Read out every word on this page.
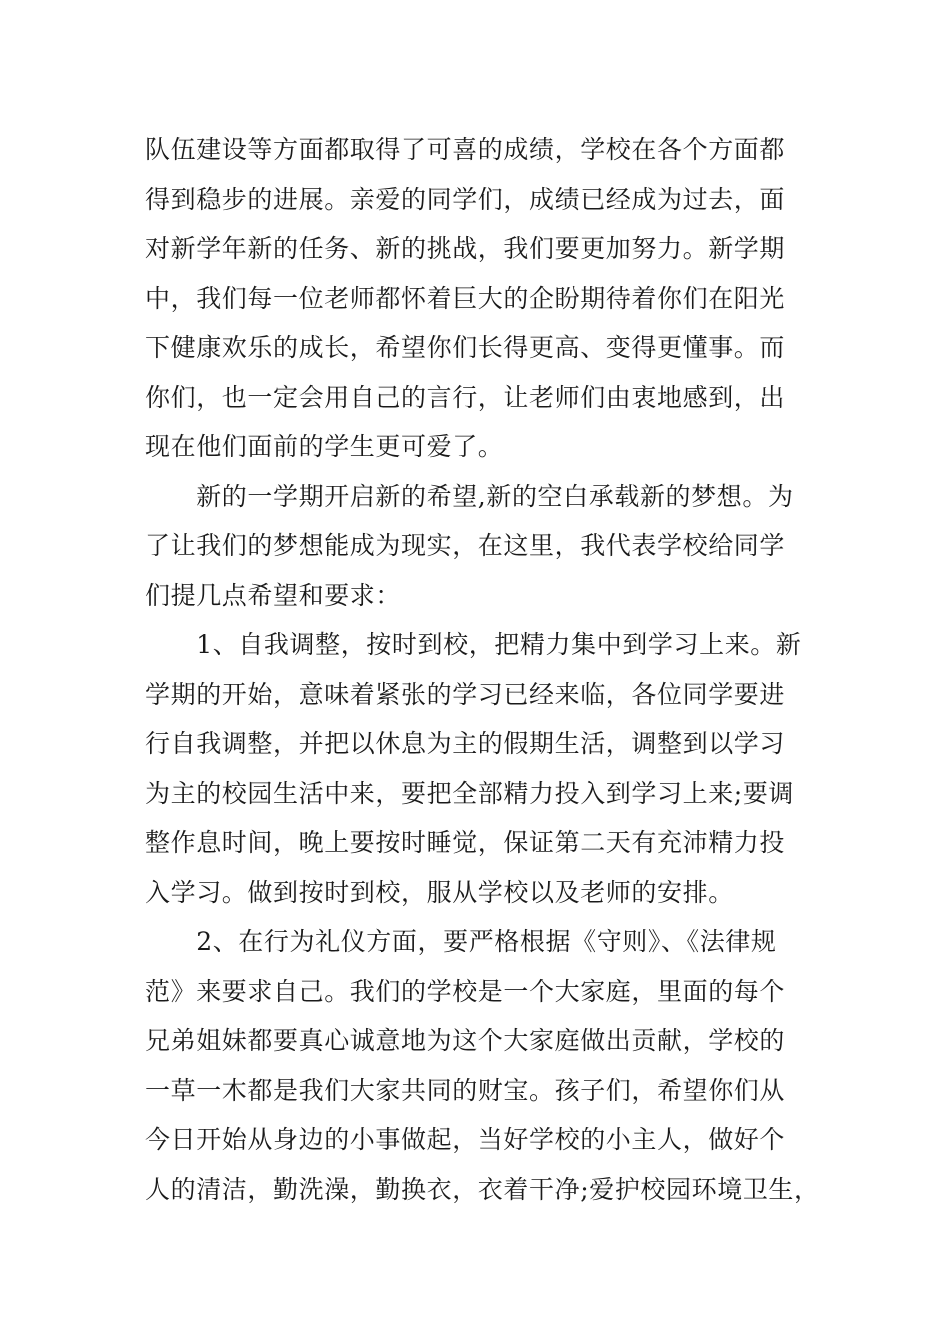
队伍建设等方面都取得了可喜的成绩，学校在各个方面都
得到稳步的进展。亲爱的同学们，成绩已经成为过去，面
对新学年新的任务、新的挑战，我们要更加努力。新学期
中，我们每一位老师都怀着巨大的企盼期待着你们在阳光
下健康欢乐的成长，希望你们长得更高、变得更懂事。而
你们，也一定会用自己的言行，让老师们由衷地感到，出
现在他们面前的学生更可爱了。
　　新的一学期开启新的希望,新的空白承载新的梦想。为
了让我们的梦想能成为现实，在这里，我代表学校给同学
们提几点希望和要求：
　　1、自我调整，按时到校，把精力集中到学习上来。新
学期的开始，意味着紧张的学习已经来临，各位同学要进
行自我调整，并把以休息为主的假期生活，调整到以学习
为主的校园生活中来，要把全部精力投入到学习上来;要调
整作息时间，晚上要按时睡觉，保证第二天有充沛精力投
入学习。做到按时到校，服从学校以及老师的安排。
　　2、在行为礼仪方面，要严格根据《守则》、《法律规
范》来要求自己。我们的学校是一个大家庭，里面的每个
兄弟姐妹都要真心诚意地为这个大家庭做出贡献，学校的
一草一木都是我们大家共同的财宝。孩子们，希望你们从
今日开始从身边的小事做起，当好学校的小主人，做好个
人的清洁，勤洗澡，勤换衣，衣着干净;爱护校园环境卫生，
